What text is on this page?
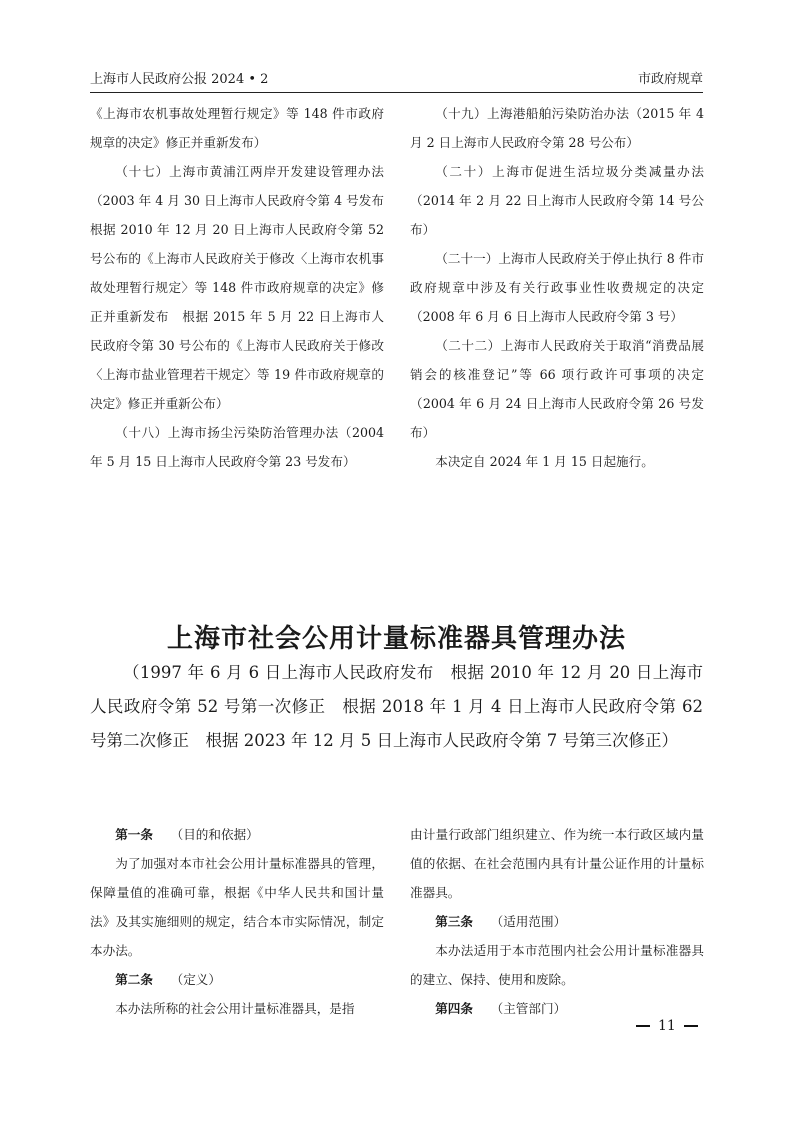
上海市人民政府公报 2024 • 2	市政府规章

《上海市农机事故处理暂行规定》等 148 件市政府规章的决定》修正并重新发布）

（十七）上海市黄浦江两岸开发建设管理办法（2003 年 4 月 30 日上海市人民政府令第 4 号发布　根据 2010 年 12 月 20 日上海市人民政府令第 52 号公布的《上海市人民政府关于修改〈上海市农机事故处理暂行规定〉等 148 件市政府规章的决定》修正并重新发布　根据 2015 年 5 月 22 日上海市人民政府令第 30 号公布的《上海市人民政府关于修改〈上海市盐业管理若干规定〉等 19 件市政府规章的决定》修正并重新公布）

（十八）上海市扬尘污染防治管理办法（2004 年 5 月 15 日上海市人民政府令第 23 号发布）

（十九）上海港船舶污染防治办法（2015 年 4 月 2 日上海市人民政府令第 28 号公布）

（二十）上海市促进生活垃圾分类减量办法（2014 年 2 月 22 日上海市人民政府令第 14 号公布）

（二十一）上海市人民政府关于停止执行 8 件市政府规章中涉及有关行政事业性收费规定的决定（2008 年 6 月 6 日上海市人民政府令第 3 号）

（二十二）上海市人民政府关于取消“消费品展销会的核准登记”等 66 项行政许可事项的决定（2004 年 6 月 24 日上海市人民政府令第 26 号发布）

本决定自 2024 年 1 月 15 日起施行。

上海市社会公用计量标准器具管理办法

（1997 年 6 月 6 日上海市人民政府发布　根据 2010 年 12 月 20 日上海市人民政府令第 52 号第一次修正　根据 2018 年 1 月 4 日上海市人民政府令第 62 号第二次修正　根据 2023 年 12 月 5 日上海市人民政府令第 7 号第三次修正）

第一条 （目的和依据）

为了加强对本市社会公用计量标准器具的管理，保障量值的准确可靠，根据《中华人民共和国计量法》及其实施细则的规定，结合本市实际情况，制定本办法。

第二条 （定义）

本办法所称的社会公用计量标准器具，是指

由计量行政部门组织建立、作为统一本行政区域内量值的依据、在社会范围内具有计量公证作用的计量标准器具。

第三条 （适用范围）

本办法适用于本市范围内社会公用计量标准器具的建立、保持、使用和废除。

第四条 （主管部门）

11
